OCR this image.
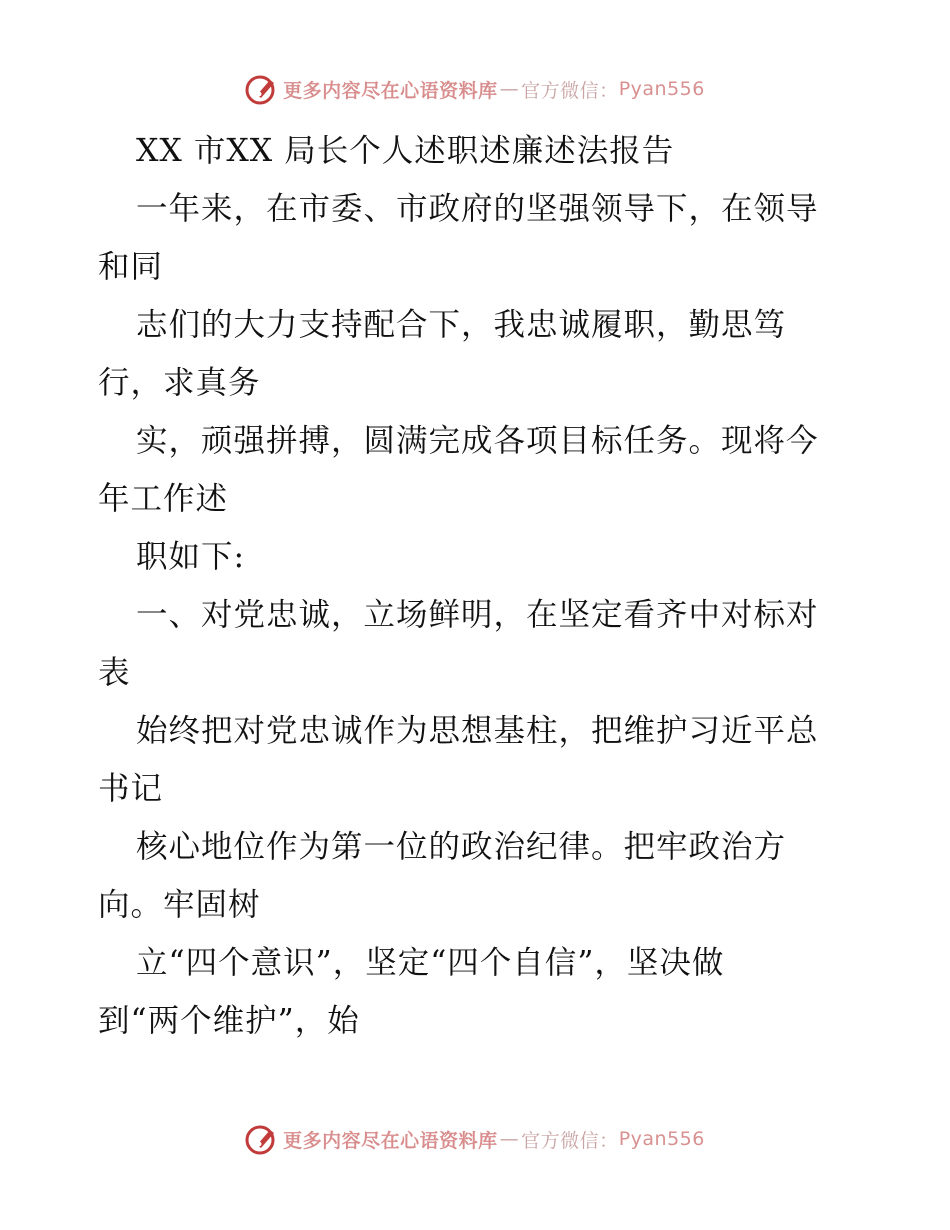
更多内容尽在心语资料库 — 官方微信： Pyan556
XX 市XX 局长个人述职述廉述法报告
一年来，在市委、市政府的坚强领导下，在领导
和同
志们的大力支持配合下，我忠诚履职，勤思笃
行，求真务
实，顽强拼搏，圆满完成各项目标任务。现将今
年工作述
职如下:
一、对党忠诚，立场鲜明，在坚定看齐中对标对
表
始终把对党忠诚作为思想基柱，把维护习近平总
书记
核心地位作为第一位的政治纪律。把牢政治方
向。牢固树
立“四个意识”，坚定“四个自信”，坚决做
到“两个维护”，始
更多内容尽在心语资料库 — 官方微信： Pyan556
